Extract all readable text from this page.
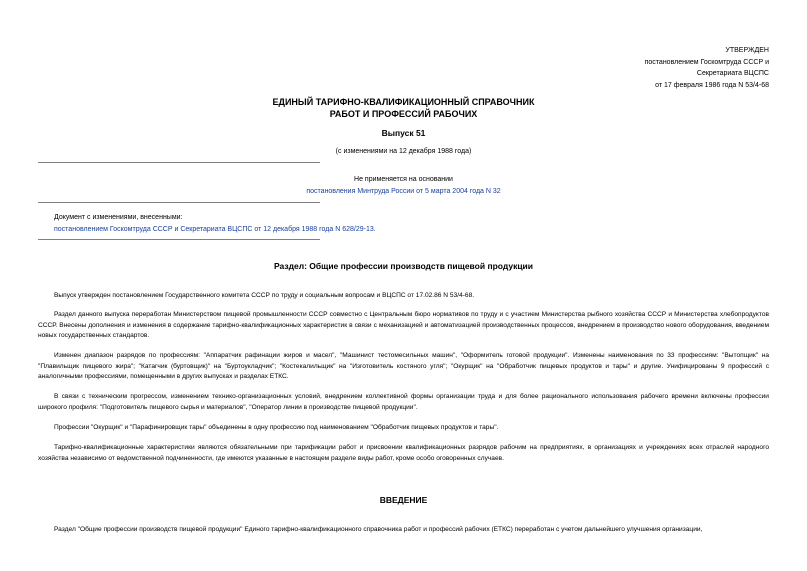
УТВЕРЖДЕН
постановлением Госкомтруда СССР и
Секретариата ВЦСПС
от 17 февраля 1986 года N 53/4-68
ЕДИНЫЙ ТАРИФНО-КВАЛИФИКАЦИОННЫЙ СПРАВОЧНИК
РАБОТ И ПРОФЕССИЙ РАБОЧИХ
Выпуск 51
(с изменениями на 12 декабря 1988 года)
Не применяется на основании
постановления Минтруда России от 5 марта 2004 года N 32
Документ с изменениями, внесенными:
постановлением Госкомтруда СССР и Секретариата ВЦСПС от 12 декабря 1988 года N 628/29-13.
Раздел: Общие профессии производств пищевой продукции

Выпуск утвержден постановлением Государственного комитета СССР по труду и социальным вопросам и ВЦСПС от 17.02.86 N 53/4-68.

Раздел данного выпуска переработан Министерством пищевой промышленности СССР совместно с Центральным бюро нормативов по труду и с участием Министерства рыбного хозяйства СССР и Министерства хлебопродуктов СССР. Внесены дополнения и изменения в содержание тарифно-квалификационных характеристик в связи с механизацией и автоматизацией производственных процессов, внедрением в производство нового оборудования, введением новых государственных стандартов.

Изменен диапазон разрядов по профессиям: "Аппаратчик рафинации жиров и масел", "Машинист тестомесильных машин", "Оформитель готовой продукции". Изменены наименования по 33 профессиям: "Вытопщик" на "Плавильщик пищевого жира"; "Катагчик (буртовщик)" на "Буртоукладчик"; "Костекалильщик" на "Изготовитель костяного угля"; "Окурщик" на "Обработчик пищевых продуктов и тары" и другие. Унифицированы 9 профессий с аналогичными профессиями, помещенными в других выпусках и разделах ЕТКС.

В связи с техническим прогрессом, изменением технико-организационных условий, внедрением коллективной формы организации труда и для более рационального использования рабочего времени включены профессии широкого профиля: "Подготовитель пищевого сырья и материалов", "Оператор линии в производстве пищевой продукции".

Профессии "Окурщик" и "Парафинировщик тары" объединены в одну профессию под наименованием "Обработчик пищевых продуктов и тары".

Тарифно-квалификационные характеристики являются обязательными при тарификации работ и присвоении квалификационных разрядов рабочим на предприятиях, в организациях и учреждениях всех отраслей народного хозяйства независимо от ведомственной подчиненности, где имеются указанные в настоящем разделе виды работ, кроме особо оговоренных случаев.

ВВЕДЕНИЕ

Раздел "Общие профессии производств пищевой продукции" Единого тарифно-квалификационного справочника работ и профессий рабочих (ЕТКС) переработан с учетом дальнейшего улучшения организации,
